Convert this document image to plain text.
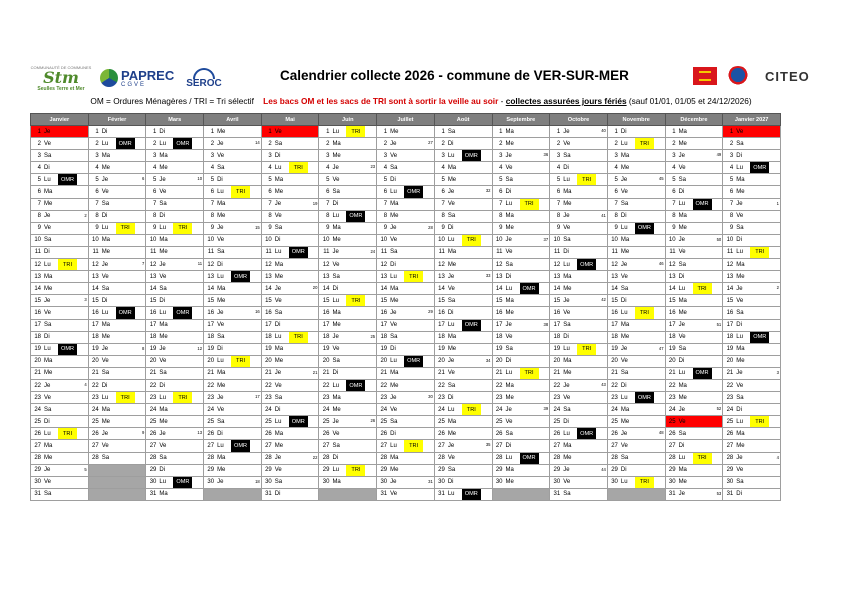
COMMUNAUTÉ DE COMMUNES
Stm
Seulles Terre et Mer
PAPREC
CGVE	SEROC	Calendrier collecte 2026 - commune de VER-SUR-MER	CITEO
OM = Ordures Ménagères / TRI = Tri sélectif Les bacs OM et les sacs de TRI sont à sortir la veille au soir - collectes assurées jours fériés (sauf 01/01, 01/05 et 24/12/2026)
Janvier	Février	Mars	Avril	Mai	Juin	Juillet	Août	Septembre	Octobre	Novembre	Décembre	Janvier 2027

1 Je	1 Di	1 Di	1 Me	1 Ve	1 Lu TRI	1 Me	1 Sa	1 Ma	1 Je 40	1 Di	1 Ma	1 Ve

2 Ve	2 Lu OMR	2 Lu OMR	2 Je 14	2 Sa	2 Ma	2 Je 27	2 Di	2 Me	2 Ve	2 Lu TRI	2 Me	2 Sa

3 Sa	3 Ma	3 Ma	3 Ve	3 Di	3 Me	3 Ve	3 Lu OMR	3 Je 36	3 Sa	3 Ma	3 Je 49	3 Di

4 Di	4 Me	4 Me	4 Sa	4 Lu TRI	4 Je 23	4 Sa	4 Ma	4 Ve	4 Di	4 Me	4 Ve	4 Lu OMR

5 Lu OMR	5 Je 6	5 Je 10	5 Di	5 Ma	5 Ve	5 Di	5 Me	5 Sa	5 Lu TRI	5 Je 45	5 Sa	5 Ma

6 Ma	6 Ve	6 Ve	6 Lu TRI	6 Me	6 Sa	6 Lu OMR	6 Je 32	6 Di	6 Ma	6 Ve	6 Di	6 Me

7 Me	7 Sa	7 Sa	7 Ma	7 Je 19	7 Di	7 Ma	7 Ve	7 Lu TRI	7 Me	7 Sa	7 Lu OMR	7 Je 1

8 Je 2	8 Di	8 Di	8 Me	8 Ve	8 Lu OMR	8 Me	8 Sa	8 Ma	8 Je 41	8 Di	8 Ma	8 Ve

9 Ve	9 Lu TRI	9 Lu TRI	9 Je 15	9 Sa	9 Ma	9 Je 28	9 Di	9 Me	9 Ve	9 Lu OMR	9 Me	9 Sa

10 Sa	10 Ma	10 Ma	10 Ve	10 Di	10 Me	10 Ve	10 Lu TRI	10 Je 37	10 Sa	10 Ma	10 Je 50	10 Di

11 Di	11 Me	11 Me	11 Sa	11 Lu OMR	11 Je 24	11 Sa	11 Ma	11 Ve	11 Di	11 Me	11 Ve	11 Lu TRI

12 Lu TRI	12 Je 7	12 Je 11	12 Di	12 Ma	12 Ve	12 Di	12 Me	12 Sa	12 Lu OMR	12 Je 46	12 Sa	12 Ma

13 Ma	13 Ve	13 Ve	13 Lu OMR	13 Me	13 Sa	13 Lu TRI	13 Je 33	13 Di	13 Ma	13 Ve	13 Di	13 Me

14 Me	14 Sa	14 Sa	14 Ma	14 Je 20	14 Di	14 Ma	14 Ve	14 Lu OMR	14 Me	14 Sa	14 Lu TRI	14 Je 2

15 Je 3	15 Di	15 Di	15 Me	15 Ve	15 Lu TRI	15 Me	15 Sa	15 Ma	15 Je 42	15 Di	15 Ma	15 Ve

16 Ve	16 Lu OMR	16 Lu OMR	16 Je 16	16 Sa	16 Ma	16 Je 29	16 Di	16 Me	16 Ve	16 Lu TRI	16 Me	16 Sa

17 Sa	17 Ma	17 Ma	17 Ve	17 Di	17 Me	17 Ve	17 Lu OMR	17 Je 38	17 Sa	17 Ma	17 Je 51	17 Di

18 Di	18 Me	18 Me	18 Sa	18 Lu TRI	18 Je 25	18 Sa	18 Ma	18 Ve	18 Di	18 Me	18 Ve	18 Lu OMR

19 Lu OMR	19 Je 8	19 Je 12	19 Di	19 Ma	19 Ve	19 Di	19 Me	19 Sa	19 Lu TRI	19 Je 47	19 Sa	19 Ma

20 Ma	20 Ve	20 Ve	20 Lu TRI	20 Me	20 Sa	20 Lu OMR	20 Je 34	20 Di	20 Ma	20 Ve	20 Di	20 Me

21 Me	21 Sa	21 Sa	21 Ma	21 Je 21	21 Di	21 Ma	21 Ve	21 Lu TRI	21 Me	21 Sa	21 Lu OMR	21 Je 3

22 Je 4	22 Di	22 Di	22 Me	22 Ve	22 Lu OMR	22 Me	22 Sa	22 Ma	22 Je 43	22 Di	22 Ma	22 Ve

23 Ve	23 Lu TRI	23 Lu TRI	23 Je 17	23 Sa	23 Ma	23 Je 30	23 Di	23 Me	23 Ve	23 Lu OMR	23 Me	23 Sa

24 Sa	24 Ma	24 Ma	24 Ve	24 Di	24 Me	24 Ve	24 Lu TRI	24 Je 39	24 Sa	24 Ma	24 Je 52	24 Di

25 Di	25 Me	25 Me	25 Sa	25 Lu OMR	25 Je 26	25 Sa	25 Ma	25 Ve	25 Di	25 Me	25 Ve	25 Lu TRI

26 Lu TRI	26 Je 9	26 Je 13	26 Di	26 Ma	26 Ve	26 Di	26 Me	26 Sa	26 Lu OMR	26 Je 48	26 Sa	26 Ma

27 Ma	27 Ve	27 Ve	27 Lu OMR	27 Me	27 Sa	27 Lu TRI	27 Je 35	27 Di	27 Ma	27 Ve	27 Di	27 Me

28 Me	28 Sa	28 Sa	28 Ma	28 Je 22	28 Di	28 Ma	28 Ve	28 Lu OMR	28 Me	28 Sa	28 Lu TRI	28 Je 4

29 Je 5		29 Di	29 Me	29 Ve	29 Lu TRI	29 Me	29 Sa	29 Ma	29 Je 44	29 Di	29 Ma	29 Ve

30 Ve		30 Lu OMR	30 Je 18	30 Sa	30 Ma	30 Je 31	30 Di	30 Me	30 Ve	30 Lu TRI	30 Me	30 Sa

31 Sa		31 Ma		31 Di		31 Ve	31 Lu OMR		31 Sa		31 Je 53	31 Di
